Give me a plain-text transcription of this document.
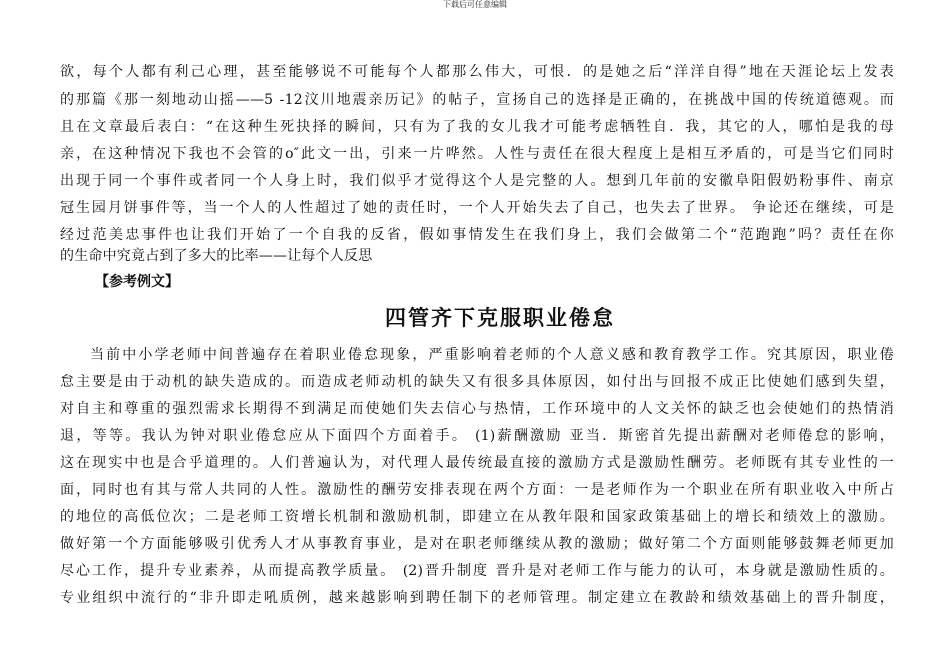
下载后可任意编辑
欲，每个人都有利己心理，甚至能够说不可能每个人都那么伟大，可恨．的是她之后“洋洋自得”地在天涯论坛上发表
的那篇《那一刻地动山摇——5 -12汶川地震亲历记》的帖子，宣扬自己的选择是正确的，在挑战中国的传统道德观。而
且在文章最后表白：“在这种生死抉择的瞬间，只有为了我的女儿我才可能考虑牺牲自．我，其它的人，哪怕是我的母
亲，在这种情况下我也不会管的o″此文一出，引来一片哗然。人性与责任在很大程度上是相互矛盾的，可是当它们同时
出现于同一个事件或者同一个人身上时，我们似乎才觉得这个人是完整的人。想到几年前的安徽阜阳假奶粉事件、南京
冠生园月饼事件等，当一个人的人性超过了她的责任时，一个人开始失去了自己，也失去了世界。 争论还在继续，可是
经过范美忠事件也让我们开始了一个自我的反省，假如事情发生在我们身上，我们会做第二个“范跑跑”吗？责任在你
的生命中究竟占到了多大的比率——让每个人反思
【参考例文】
四管齐下克服职业倦怠
当前中小学老师中间普遍存在着职业倦怠现象，严重影响着老师的个人意义感和教育教学工作。究其原因，职业倦
怠主要是由于动机的缺失造成的。而造成老师动机的缺失又有很多具体原因，如付出与回报不成正比使她们感到失望，
对自主和尊重的强烈需求长期得不到满足而使她们失去信心与热情，工作环境中的人文关怀的缺乏也会使她们的热情消
退，等等。我认为钟对职业倦怠应从下面四个方面着手。 (1)薪酬激励 亚当．斯密首先提出薪酬对老师倦怠的影响，
这在现实中也是合乎道理的。人们普遍认为，对代理人最传统最直接的激励方式是激励性酬劳。老师既有其专业性的一
面，同时也有其与常人共同的人性。激励性的酬劳安排表现在两个方面：一是老师作为一个职业在所有职业收入中所占
的地位的高低位次；二是老师工资增长机制和激励机制，即建立在从教年限和国家政策基础上的增长和绩效上的激励。
做好第一个方面能够吸引优秀人才从事教育事业，是对在职老师继续从教的激励；做好第二个方面则能够鼓舞老师更加
尽心工作，提升专业素养，从而提高教学质量。 (2)晋升制度 晋升是对老师工作与能力的认可，本身就是激励性质的。
专业组织中流行的“非升即走吼质例，越来越影响到聘任制下的老师管理。制定建立在教龄和绩效基础上的晋升制度，
